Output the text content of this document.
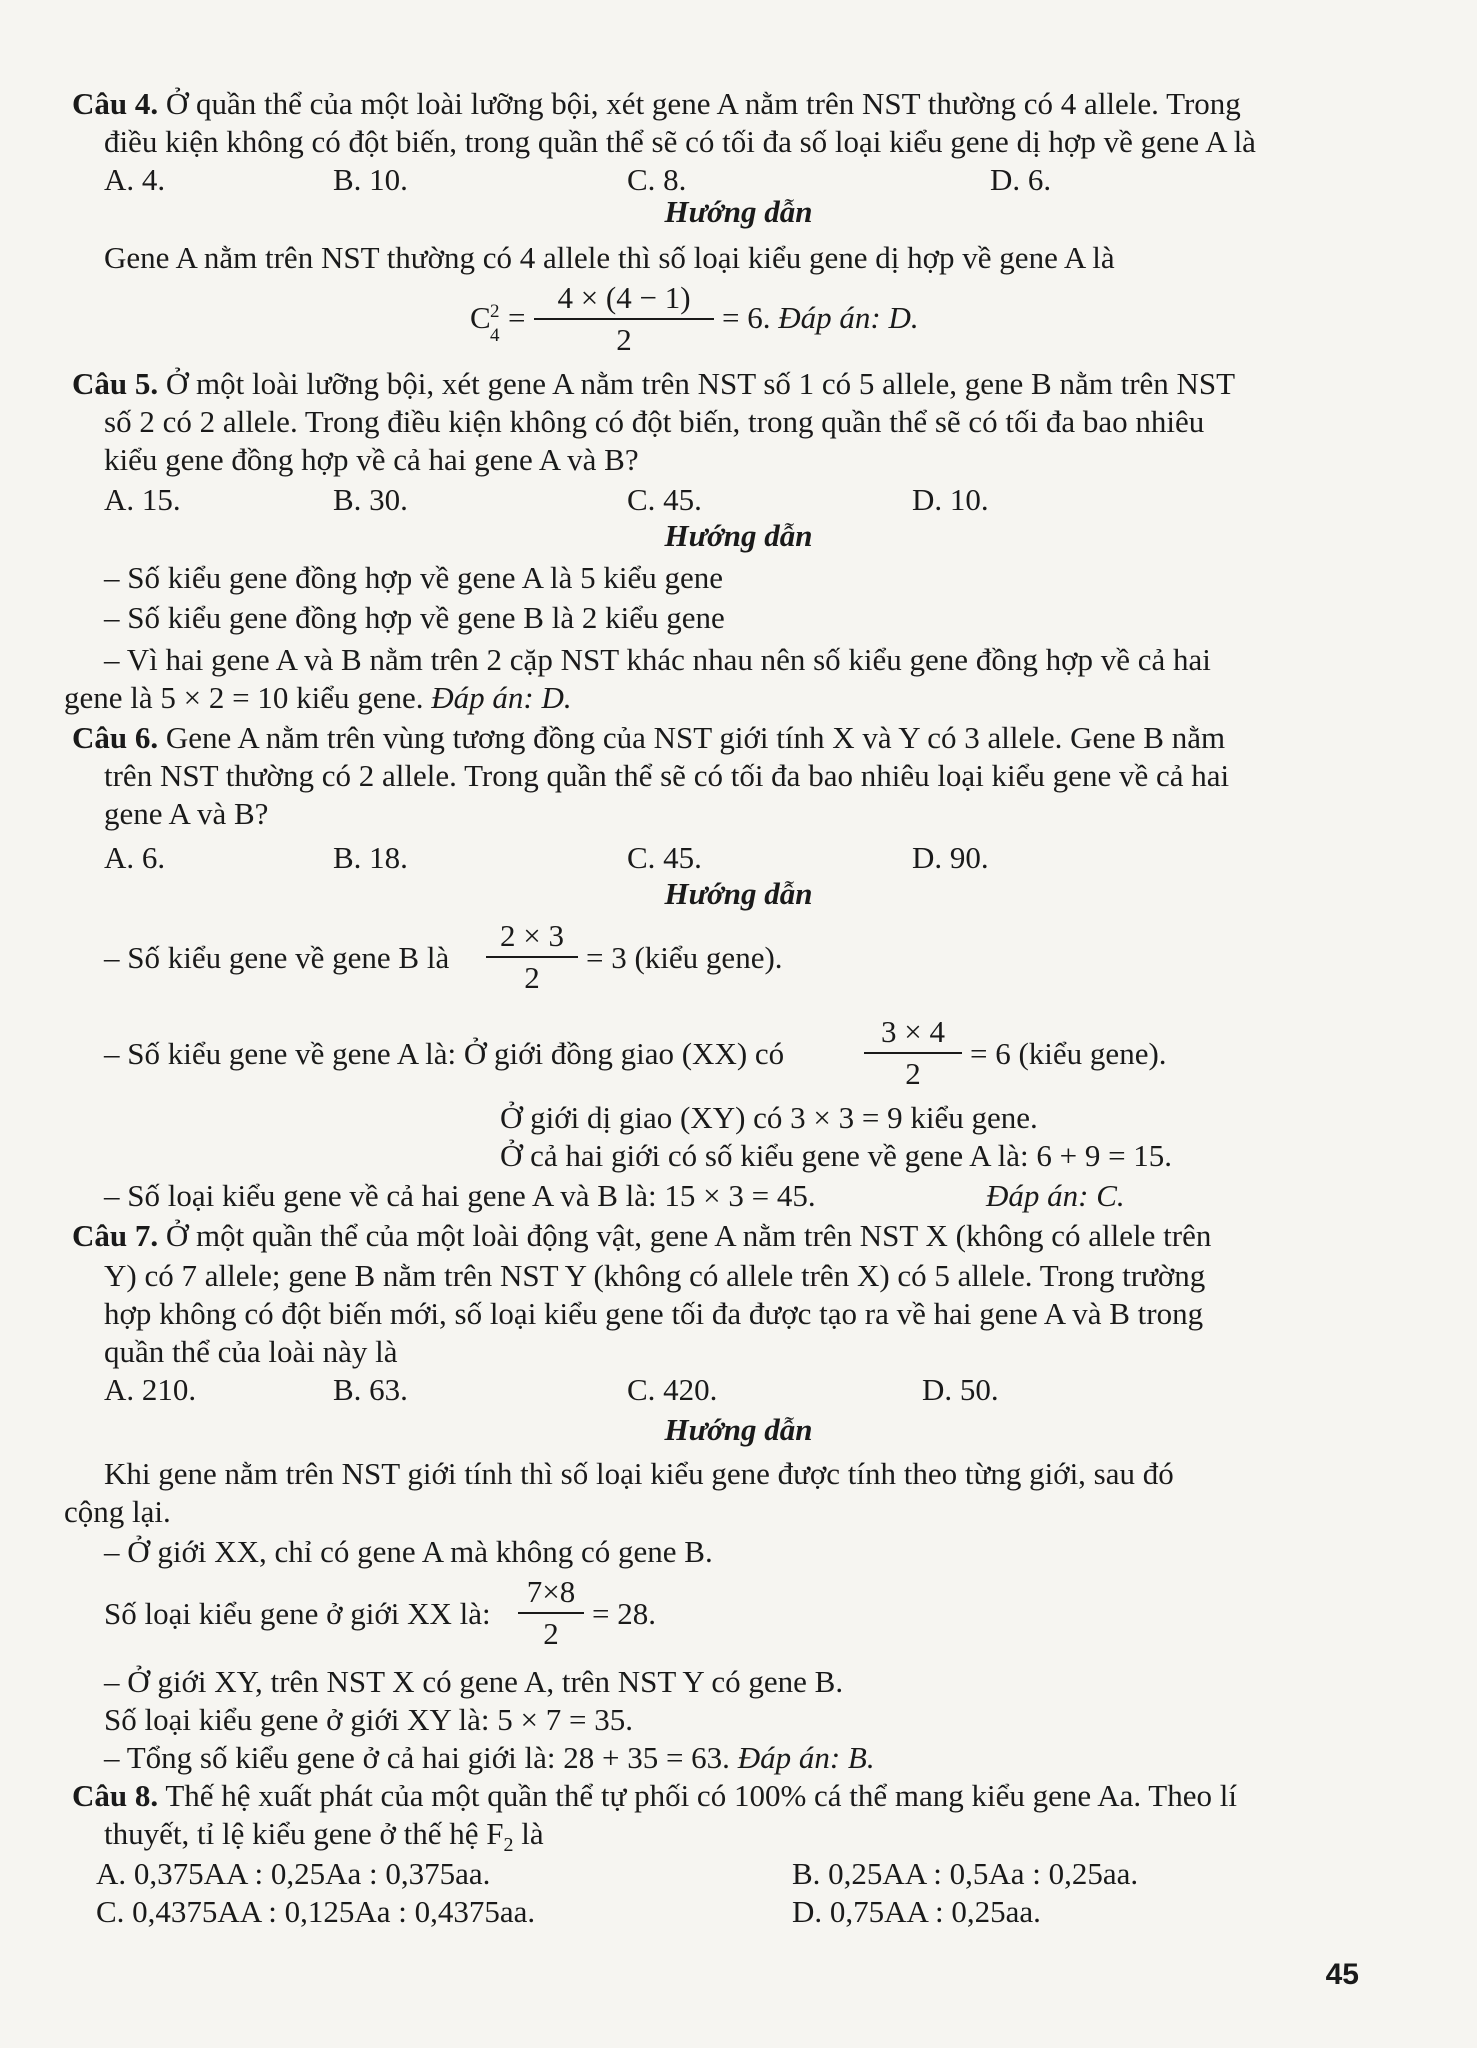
Câu 4. Ở quần thể của một loài lưỡng bội, xét gene A nằm trên NST thường có 4 allele. Trong
điều kiện không có đột biến, trong quần thể sẽ có tối đa số loại kiểu gene dị hợp về gene A là
A. 4.	B. 10.	C. 8.	D. 6.
Hướng dẫn
Gene A nằm trên NST thường có 4 allele thì số loại kiểu gene dị hợp về gene A là
C 2
4
= $\frac{4 \times (4 - 1)}{2} = 6$. Đáp án: D.
Câu 5. Ở một loài lưỡng bội, xét gene A nằm trên NST số 1 có 5 allele, gene B nằm trên NST
số 2 có 2 allele. Trong điều kiện không có đột biến, trong quần thể sẽ có tối đa bao nhiêu
kiểu gene đồng hợp về cả hai gene A và B?
A. 15.	B. 30.	C. 45.	D. 10.
Hướng dẫn
– Số kiểu gene đồng hợp về gene A là 5 kiểu gene
– Số kiểu gene đồng hợp về gene B là 2 kiểu gene
– Vì hai gene A và B nằm trên 2 cặp NST khác nhau nên số kiểu gene đồng hợp về cả hai
gene là 5 × 2 = 10 kiểu gene. Đáp án: D.
Câu 6. Gene A nằm trên vùng tương đồng của NST giới tính X và Y có 3 allele. Gene B nằm
trên NST thường có 2 allele. Trong quần thể sẽ có tối đa bao nhiêu loại kiểu gene về cả hai
gene A và B?
A. 6.	B. 18.	C. 45.	D. 90.
Hướng dẫn
– Số kiểu gene về gene B là $\frac{2 \times 3}{2} = 3$ (kiểu gene).
– Số kiểu gene về gene A là: Ở giới đồng giao (XX) có	$\frac{3 \times 4}{2} = 6$ (kiểu gene).
Ở giới dị giao (XY) có 3 × 3 = 9 kiểu gene.
Ở cả hai giới có số kiểu gene về gene A là: 6 + 9 = 15.
– Số loại kiểu gene về cả hai gene A và B là: 15 × 3 = 45.	Đáp án: C.
Câu 7. Ở một quần thể của một loài động vật, gene A nằm trên NST X (không có allele trên
Y) có 7 allele; gene B nằm trên NST Y (không có allele trên X) có 5 allele. Trong trường
hợp không có đột biến mới, số loại kiểu gene tối đa được tạo ra về hai gene A và B trong
quần thể của loài này là
A. 210.	B. 63.	C. 420.	D. 50.
Hướng dẫn
Khi gene nằm trên NST giới tính thì số loại kiểu gene được tính theo từng giới, sau đó
cộng lại.
– Ở giới XX, chỉ có gene A mà không có gene B.
Số loại kiểu gene ở giới XX là: $\frac{7\times 8}{2} = 28$.
– Ở giới XY, trên NST X có gene A, trên NST Y có gene B.
Số loại kiểu gene ở giới XY là: 5 × 7 = 35.
– Tổng số kiểu gene ở cả hai giới là: 28 + 35 = 63. Đáp án: B.
Câu 8. Thế hệ xuất phát của một quần thể tự phối có 100% cá thể mang kiểu gene Aa. Theo lí
thuyết, tỉ lệ kiểu gene ở thế hệ $F_2$ là
A. 0,375AA : 0,25Aa : 0,375aa.	B. 0,25AA : 0,5Aa : 0,25aa.
C. 0,4375AA : 0,125Aa : 0,4375aa.	D. 0,75AA : 0,25aa.
45
